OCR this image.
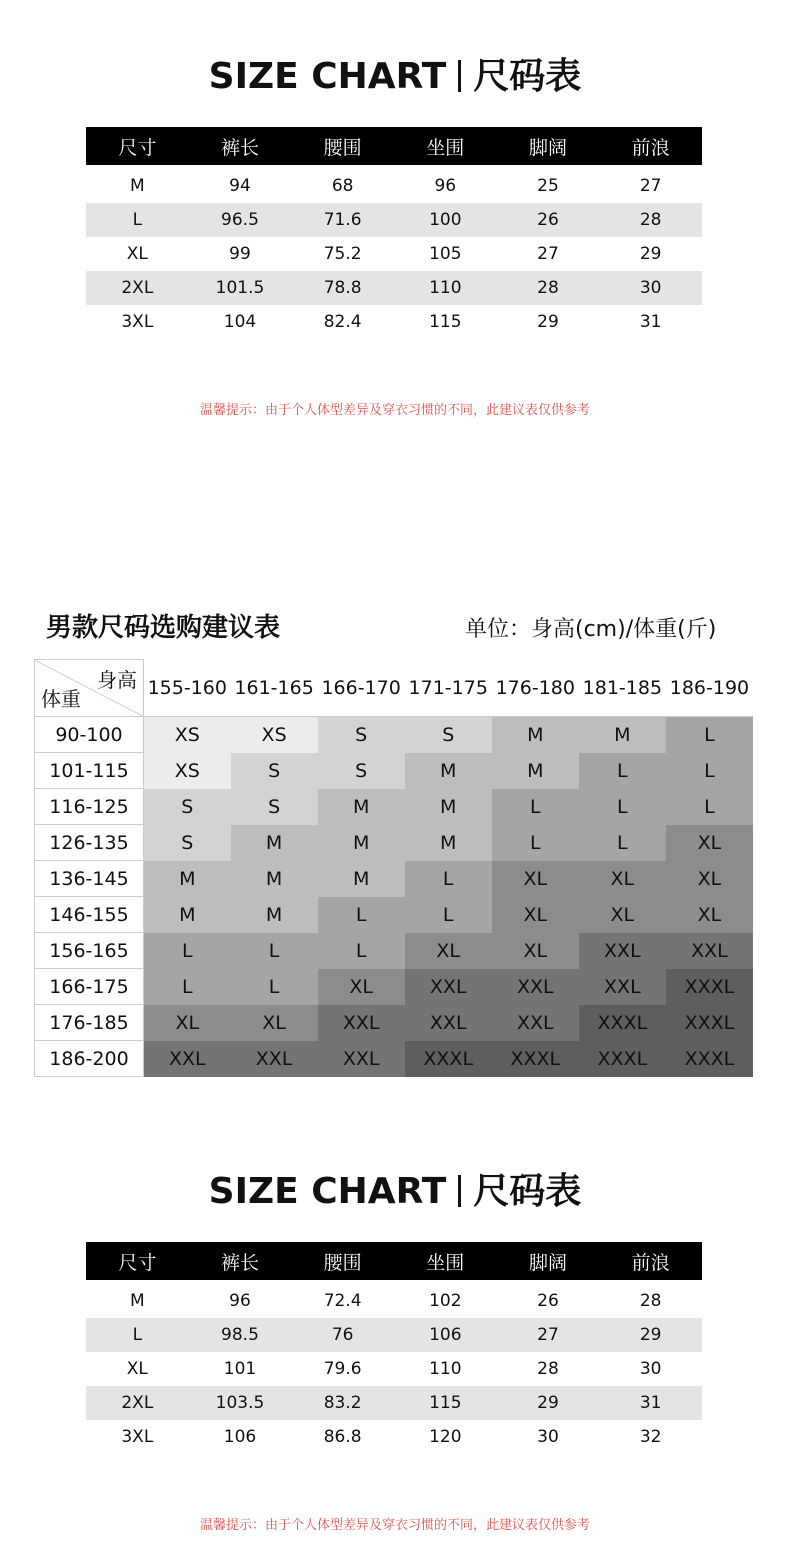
SIZE CHART 尺码表
尺寸	裤长	腰围	坐围	脚阔	前浪
M	94	68	96	25	27
L	96.5	71.6	100	26	28
XL	99	75.2	105	27	29
2XL	101.5	78.8	110	28	30
3XL	104	82.4	115	29	31
温馨提示：由于个人体型差异及穿衣习惯的不同，此建议表仅供参考
男款尺码选购建议表	单位：身高(cm)/体重(斤)
身高
体重	155-160	161-165	166-170	171-175	176-180	181-185	186-190
90-100	XS	XS	S	S	M	M	L
101-115	XS	S	S	M	M	L	L
116-125	S	S	M	M	L	L	L
126-135	S	M	M	M	L	L	XL
136-145	M	M	M	L	XL	XL	XL
146-155	M	M	L	L	XL	XL	XL
156-165	L	L	L	XL	XL	XXL	XXL
166-175	L	L	XL	XXL	XXL	XXL	XXXL
176-185	XL	XL	XXL	XXL	XXL	XXXL	XXXL
186-200	XXL	XXL	XXL	XXXL	XXXL	XXXL	XXXL
SIZE CHART 尺码表
尺寸	裤长	腰围	坐围	脚阔	前浪
M	96	72.4	102	26	28
L	98.5	76	106	27	29
XL	101	79.6	110	28	30
2XL	103.5	83.2	115	29	31
3XL	106	86.8	120	30	32
温馨提示：由于个人体型差异及穿衣习惯的不同，此建议表仅供参考
